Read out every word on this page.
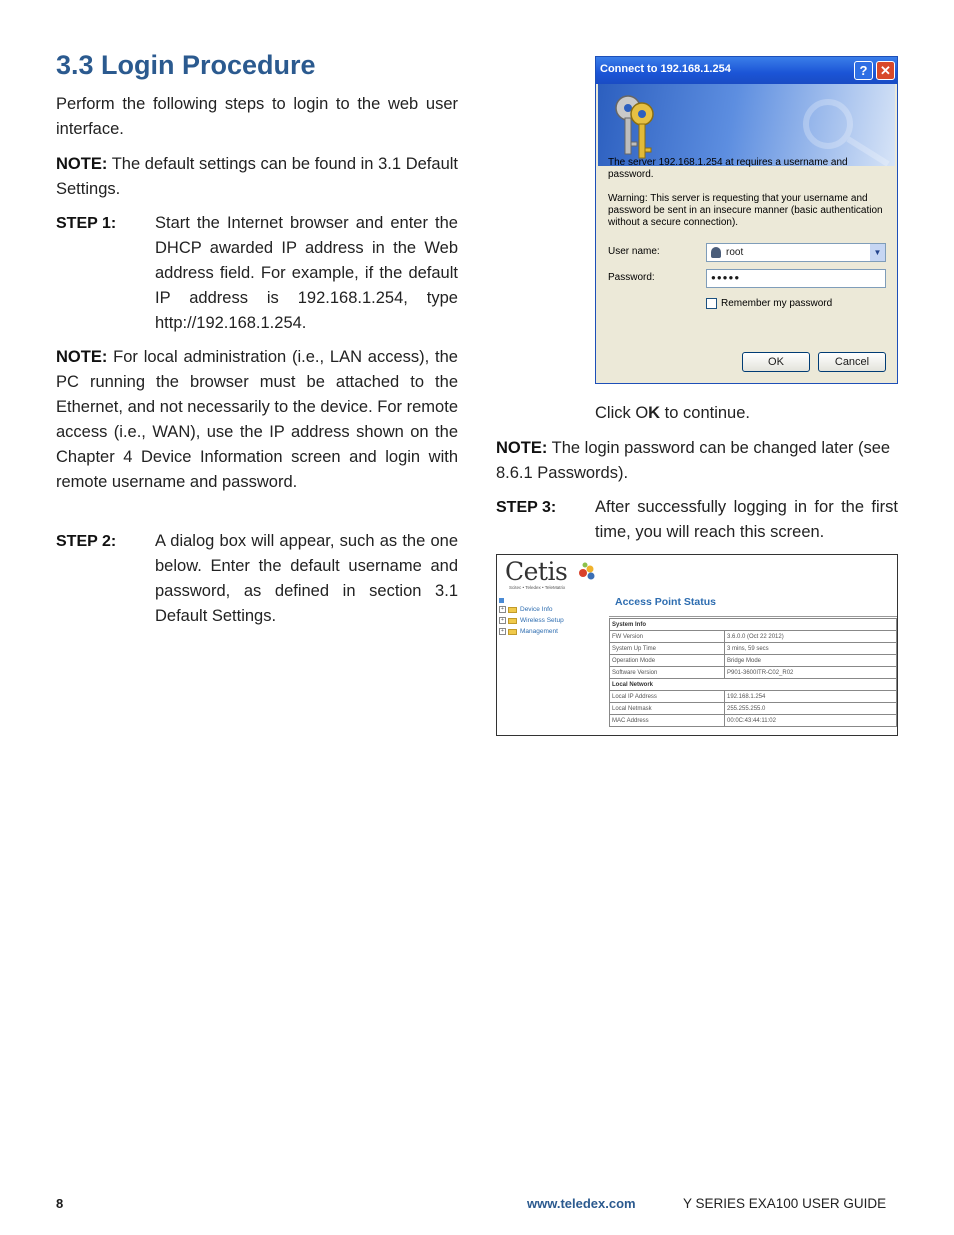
3.3 Login Procedure

Perform the following steps to login to the web user interface.

NOTE: The default settings can be found in 3.1 Default Settings.

STEP 1: Start the Internet browser and enter the DHCP awarded IP address in the Web address field. For example, if the default IP address is 192.168.1.254, type http://192.168.1.254.

NOTE: For local administration (i.e., LAN access), the PC running the browser must be attached to the Ethernet, and not necessarily to the device. For remote access (i.e., WAN), use the IP address shown on the Chapter 4 Device Information screen and login with remote username and password.

STEP 2: A dialog box will appear, such as the one below. Enter the default username and password, as defined in section 3.1 Default Settings.
Connect to 192.168.1.254	? ✕
The server 192.168.1.254 at requires a username and password.
Warning: This server is requesting that your username and password be sent in an insecure manner (basic authentication without a secure connection).
User name:	root	▼
Password:	●●●●●
Remember my password
OK	Cancel
Click OK to continue.

NOTE: The login password can be changed later (see 8.6.1 Passwords).

STEP 3: After successfully logging in for the first time, you will reach this screen.
Cetis
Scitec • Teledex • TeleMatrix
+ Device Info
+ Wireless Setup
+ Management
Access Point Status
System Info	
FW Version	3.6.0.0 (Oct 22 2012)
System Up Time	3 mins, 59 secs
Operation Mode	Bridge Mode
Software Version	P901-3600ITR-C02_R02
Local Network	
Local IP Address	192.168.1.254
Local Netmask	255.255.255.0
MAC Address	00:0C:43:44:11:02
8	www.teledex.com	Y SERIES EXA100 USER GUIDE
